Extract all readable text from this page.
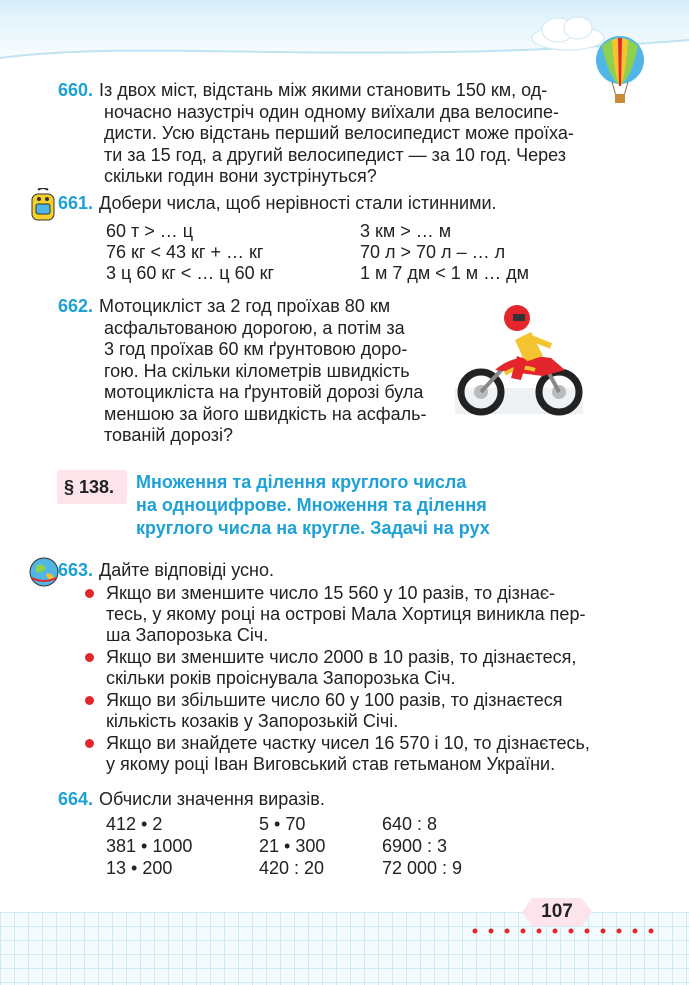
660. Із двох міст, відстань між якими становить 150 км, од-
ночасно назустріч один одному виїхали два велосипе-
дисти. Усю відстань перший велосипедист може проїха-
ти за 15 год, а другий велосипедист — за 10 год. Через
скільки годин вони зустрінуться?
661. Добери числа, щоб нерівності стали істинними.
60 т > … ц
76 кг < 43 кг + … кг
3 ц 60 кг < … ц 60 кг
3 км > … м
70 л > 70 л – … л
1 м 7 дм < 1 м … дм
662. Мотоцикліст за 2 год проїхав 80 км
асфальтованою дорогою, а потім за
3 год проїхав 60 км ґрунтовою доро-
гою. На скільки кілометрів швидкість
мотоцикліста на ґрунтовій дорозі була
меншою за його швидкість на асфаль-
тованій дорозі?
§ 138. Множення та ділення круглого числа
на одноцифрове. Множення та ділення
круглого числа на кругле. Задачі на рух
663. Дайте відповіді усно.
Якщо ви зменшите число 15 560 у 10 разів, то дізнає-
тесь, у якому році на острові Мала Хортиця виникла пер-
ша Запорозька Січ.
Якщо ви зменшите число 2000 в 10 разів, то дізнаєтеся,
скільки років проіснувала Запорозька Січ.
Якщо ви збільшите число 60 у 100 разів, то дізнаєтеся
кількість козаків у Запорозькій Січі.
Якщо ви знайдете частку чисел 16 570 і 10, то дізнаєтесь,
у якому році Іван Виговський став гетьманом України.
664. Обчисли значення виразів.
412 • 2
381 • 1000
13 • 200
5 • 70
21 • 300
420 : 20
640 : 8
6900 : 3
72 000 : 9
107
